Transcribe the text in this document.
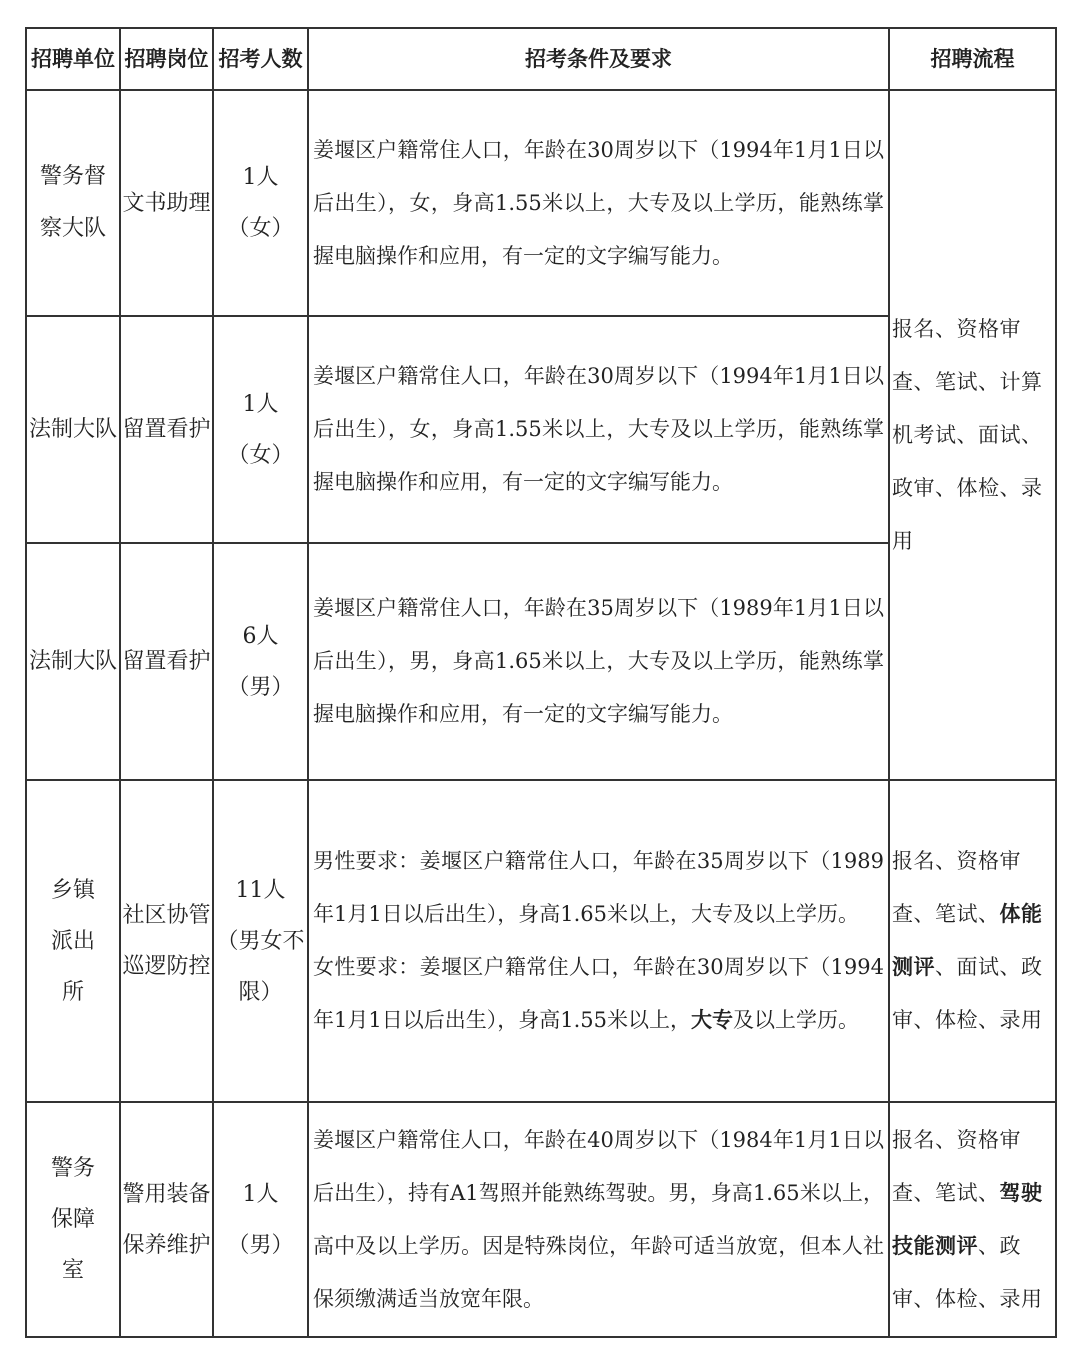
招聘单位 招聘岗位 招考人数	招考条件及要求	招聘流程
警务督察大队
文书助理
1人（女）

姜堰区户籍常住人口，年龄在30周岁以下（1994年1月1日以后出生），女，身高1.55米以上，大专及以上学历，能熟练掌握电脑操作和应用，有一定的文字编写能力。

法制大队 留置看护
1人（女）

姜堰区户籍常住人口，年龄在30周岁以下（1994年1月1日以后出生），女，身高1.55米以上，大专及以上学历，能熟练掌握电脑操作和应用，有一定的文字编写能力。

法制大队 留置看护
6人（男）

姜堰区户籍常住人口，年龄在35周岁以下（1989年1月1日以后出生），男，身高1.65米以上，大专及以上学历，能熟练掌握电脑操作和应用，有一定的文字编写能力。

报名、资格审查、笔试、计算机考试、面试、政审、体检、录用

乡镇派出所
社区协管巡逻防控
11人（男女不限）

男性要求：姜堰区户籍常住人口，年龄在35周岁以下（1989年1月1日以后出生），身高1.65米以上，大专及以上学历。
女性要求：姜堰区户籍常住人口，年龄在30周岁以下（1994年1月1日以后出生），身高1.55米以上，大专及以上学历。

报名、资格审查、笔试、体能测评、面试、政审、体检、录用

警务保障室
警用装备保养维护
1人（男）

姜堰区户籍常住人口，年龄在40周岁以下（1984年1月1日以后出生），持有A1驾照并能熟练驾驶。男，身高1.65米以上，高中及以上学历。因是特殊岗位，年龄可适当放宽，但本人社保须缴满适当放宽年限。

报名、资格审查、笔试、驾驶技能测评、政审、体检、录用
